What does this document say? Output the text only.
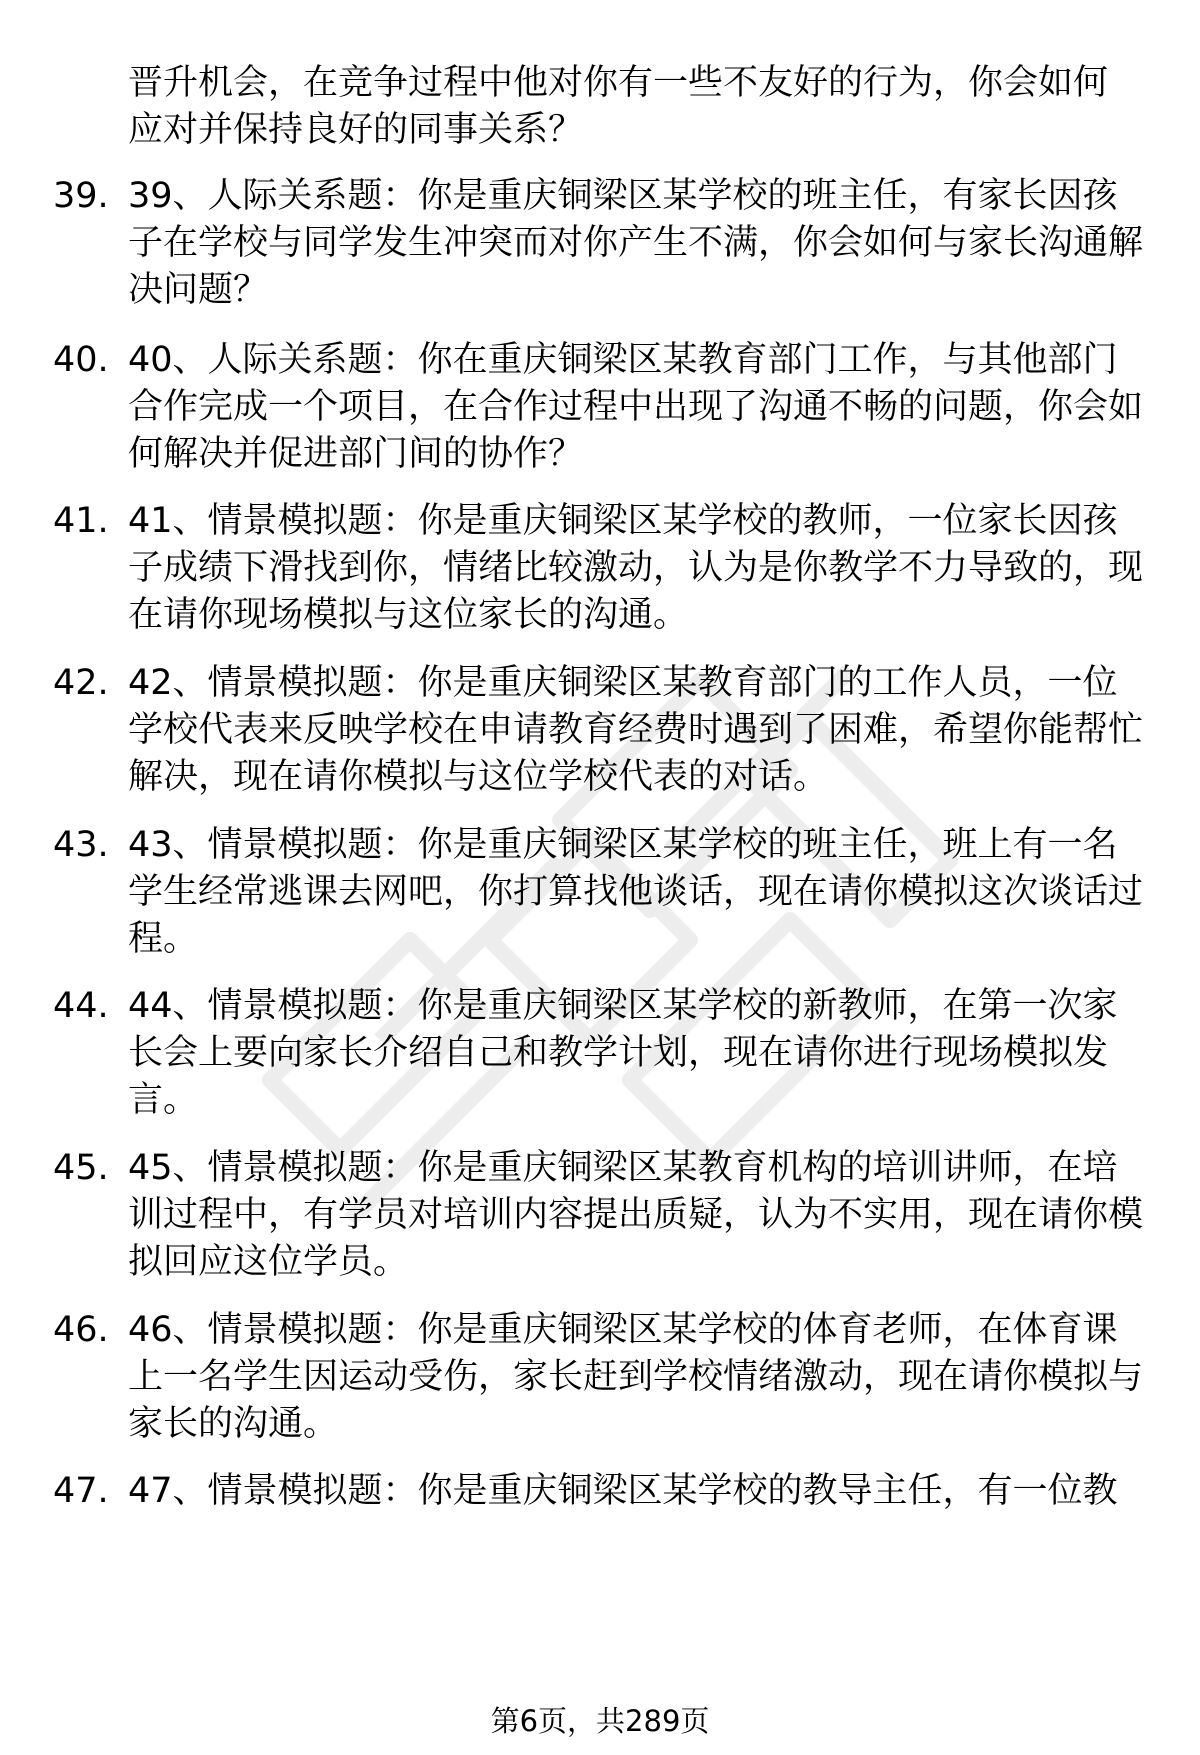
晋升机会，在竞争过程中他对你有一些不友好的行为，你会如何应对并保持良好的同事关系？

39. 39、人际关系题：你是重庆铜梁区某学校的班主任，有家长因孩子在学校与同学发生冲突而对你产生不满，你会如何与家长沟通解决问题？

40. 40、人际关系题：你在重庆铜梁区某教育部门工作，与其他部门合作完成一个项目，在合作过程中出现了沟通不畅的问题，你会如何解决并促进部门间的协作？

41. 41、情景模拟题：你是重庆铜梁区某学校的教师，一位家长因孩子成绩下滑找到你，情绪比较激动，认为是你教学不力导致的，现在请你现场模拟与这位家长的沟通。

42. 42、情景模拟题：你是重庆铜梁区某教育部门的工作人员，一位学校代表来反映学校在申请教育经费时遇到了困难，希望你能帮忙解决，现在请你模拟与这位学校代表的对话。

43. 43、情景模拟题：你是重庆铜梁区某学校的班主任，班上有一名学生经常逃课去网吧，你打算找他谈话，现在请你模拟这次谈话过程。

44. 44、情景模拟题：你是重庆铜梁区某学校的新教师，在第一次家长会上要向家长介绍自己和教学计划，现在请你进行现场模拟发言。

45. 45、情景模拟题：你是重庆铜梁区某教育机构的培训讲师，在培训过程中，有学员对培训内容提出质疑，认为不实用，现在请你模拟回应这位学员。

46. 46、情景模拟题：你是重庆铜梁区某学校的体育老师，在体育课上一名学生因运动受伤，家长赶到学校情绪激动，现在请你模拟与家长的沟通。

47. 47、情景模拟题：你是重庆铜梁区某学校的教导主任，有一位教

第6页，共289页
